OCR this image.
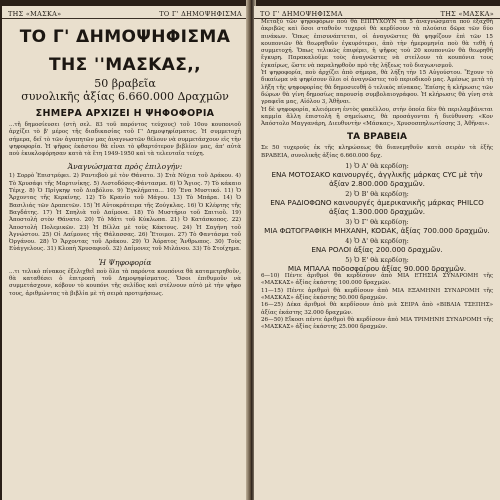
ΤΗΣ «ΜΑΣΚΑ»	ΤΟ Γ' ΔΗΜΟΨΗΦΙΣΜΑ
ΤΟ Γ' ΔΗΜΟΨΗΦΙΣΜΑ
ΤΗΣ ''ΜΑΣΚΑΣ,,
50 βραβεῖα
συνολικῆς ἀξίας 6.660.000 Δραχμῶν
ΣΗΜΕΡΑ ΑΡΧΙΖΕΙ Η ΨΗΦΟΦΟΡΙΑ

...τῆ δημοσίευσει (στὴ σελ. 83 τοῦ παρόντος τεύχους) τοῦ 10ου κουπονιοῦ ἀρχίζει τὸ β' μέρος τῆς διαδικασίας τοῦ Γ' Δημοψηφίσματος. Ἡ συμμετοχὴ σήμερα, δεῖ τὸ τῶν ἀγαπητῶν μας ἀναγνωστῶν θέλουν νὰ συμμετάσχουν εἰς τὴν ψηφοφορία. Ἡ ψῆφος ἑκάστου θὰ εἶναι τὸ φθαρτότερον βιβλίον μας, ἀπ' αὐτὰ ποὺ ἐκυκλοφόρησαν κατὰ τὰ ἔτη 1949-1950 καὶ τὰ τελευταῖα τεύχη.

Ἀναγνώσματα πρὸς ἐπιλογήν:

1) Σορρὸ Ἐπιστρέφει. 2) Ραντεβοὺ μὲ τὸν Θάνατο. 3) Στὰ Νύχια τοῦ Δράκου. 4) Τὸ Χρυσάφι τῆς Μαρτινίκης. 5) Λιστοδόσες-Φάντασμα. 6) Ὁ Ἄγιος. 7) Τὸ κάκαιο Τέριχ. 8) Ὁ Πρίγκηψ τοῦ Διαβόλου. 9) Ἐγκλήματα... 10) Ἔνα Μυστικό. 11) Ὁ Ἄρχοντας τῆς Κερκίνης. 12) Τὸ Κρανίο τοῦ Μάγου. 13) Τὸ Μπάρα. 14) Ὁ Βασιλιάς τῶν Δραπετῶν. 15) Ἡ Αὐτοκράτειρα τῆς Ζούγκλας. 16) Ὁ Κλέφτης τῆς Βαγδάτης. 17) Ἡ Σπηλιὰ τοῦ Δαίμονα. 18) Τὸ Μυστήριο τοῦ Σπιτιοῦ. 19) Ἀποστολὴ στὸν Θάνατο. 20) Τὸ Μάτι τοῦ Κύκλωπα. 21) Ὁ Κατάσκοπος. 22) Ἀποστολὴ Πολεμικῶν. 23) Ἡ Βίλλα μὲ τοὺς Κάκτους. 24) Ἡ Σαγήνη τοῦ Ἀγνώστου. 25) Οἱ Δαίμονες τῆς Θάλασσας. 26) Ἔτοιμοι. 27) Τὸ Φαντάσμα τοῦ Ὀργάνου. 28) Ὁ Ἄρχοντας τοῦ Δράκου. 29) Ὁ Ἀόρατος Ἄνθρωπος. 30) Τοὺς Εὐάγγελους. 31) Κλοπὴ Χρυσαφιοῦ. 32) Δαίμονες τοῦ Μιλάνου. 33) Τὸ Στοίχημα.

Ἡ Ψηφοφορία

...τι τελικὸ πίνακος ἐξελιχθεῖ ποὺ ὅλα τὰ παρόντα κουπόνια θὰ καταμετρηθοῦν, θὰ καταθέσει ὁ ἐπιτροπὴ τοῦ Δημοψηφίσματος. Ὅσοι ἐπιθυμοῦν νὰ συμμετάσχουν, κόβουν τὸ κουπόνι τῆς σελίδος καὶ στέλνουν αὐτὸ μὲ τὴν ψῆφο τους, ἀριθμώντας τὰ βιβλία μὲ τὴ σειρὰ προτιμήσεως.

ΤΟ Γ' ΔΗΜΟΨΗΦΙΣΜΑ	ΤΗΣ «ΜΑΣΚΑ»

Μεταξὺ τῶν ψηφοφόρων ποὺ θὰ ΕΠΙΤΥΧΟΥΝ τὰ 5 ἀναγνώσματα ποὺ ἐξαχθῆ ἀκριβῶς καὶ ὅσοι σταθοῦν τυχεροὶ θὰ κερδίσουν τὰ πλούσια δῶρα τῶν δύο πινάκων. Ὅπως ἐπισυνάπτεται, οἱ ἀναγνῶστες θὰ ψηφίζουν ἐπὶ τῶν 15 κουπονιῶν θὰ θεωρηθοῦν ἐγκυρότεροι, ἀπὸ τὴν ἡμερομηνία ποὺ θὰ τεθῆ ἡ συμμετοχή. Ὅπως τελικῶς ἐπιφέρει, ἡ ψῆφος τοὺ 20 κουπονιῶν θὰ θεωρηθῆ ἔγκυρη. Παρακαλοῦμε τοὺς ἀναγνῶστες νὰ στείλουν τὰ κουπόνια τους ἐγκαίρως, ὥστε νὰ παραληφθοῦν πρὸ τῆς λήξεως τοῦ διαγωνισμοῦ.

Ἡ ψηφοφορία, ποὺ ἀρχίζει ἀπὸ σήμερα, θὰ λήξη τὴν 15 Αὐγούστου. Ἔχουν τὸ δικαίωμα νὰ ψηφίσουν ὅλοι οἱ ἀναγνῶστες τοῦ περιοδικοῦ μας. Ἀμέσως μετὰ τὴ λῆξη τῆς ψηφοφορίας θὰ δημοσιευθῆ ὁ τελικὸς πίνακας. Ἐπίσης ἡ κλήρωσις τῶν δώρων θὰ γίνη δημοσίως παρουσίᾳ συμβολαιογράφου. Ἡ κλήρωσις θὰ γίνη στὰ γραφεῖα μας, Αἰόλου 3, Ἀθῆναι.

Ἡ δὲ ψηφοφορία, κλειόμενη ἐντὸς φακέλλου, στὴν ὁποία δὲν θὰ περιλαμβάνεται καμμία ἄλλη ἐπιστολὴ ἢ σημείωσις, θὰ προσάγονται ἡ διεύθυνση: «Κον Ἀπόστολο Μαγγανάρη, Διευθυντὴν «Μάσκας», Χρυσοσπηλιωτίσσης 3, Ἀθῆναι».

ΤΑ ΒΡΑΒΕΙΑ

Σε 50 τυχερούς ἐκ τῆς κληρώσεως θὰ διανεμηθοῦν κατὰ σειρὰν τὰ ἑξῆς ΒΡΑΒΕΙΑ, συνολικῆς ἀξίας 6.660.000 δρχ.

1) Ὁ Α' θὰ κερδίσῃ:
ΕΝΑ ΜΟΤΟΣΑΚΟ καινουργές, ἀγγλικῆς μάρκας CYC μὲ τὴν ἀξίαν 2.800.000 δραχμῶν.
2) Ὁ Β' θὰ κερδίσῃ:
ΕΝΑ ΡΑΔΙΟΦΩΝΟ καινουργές ἀμερικανικῆς μάρκας PHILCO ἀξίας 1.300.000 δραχμῶν.
3) Ὁ Γ' θὰ κερδίσῃ:
ΜΙΑ ΦΩΤΟΓΡΑΦΙΚΗ ΜΗΧΑΝΗ, KODAK, ἀξίας 700.000 δραχμῶν.
4) Ὁ Δ' θὰ κερδίσῃ:
ΕΝΑ ΡΟΛΟΙ ἀξίας 200.000 δραχμῶν.
5) Ὁ Ε' θὰ κερδίσῃ:
ΜΙΑ ΜΠΑΛΑ ποδοσφαίρου ἀξίας 90.000 δραχμῶν.

6—10) Πέντε ἀριθμοὶ θὰ κερδίσουν ἀπὸ ΜΙΑ ΕΤΗΣΙΑ ΣΥΝΔΡΟΜΗ τῆς «ΜΑΣΚΑΣ» ἀξίας ἑκάστης 100.000 δραχμῶν.

11—15) Πέντε ἀριθμοὶ θὰ κερδίσουν ἀπὸ ΜΙΑ ΕΞΑΜΗΝΗ ΣΥΝΔΡΟΜΗ τῆς «ΜΑΣΚΑΣ» ἀξίας ἑκάστης 50.000 δραχμῶν.

16—25) Δέκα ἀριθμοὶ θὰ κερδίσουν ἀπὸ μιὰ ΣΕΙΡΑ ἀπὸ «ΒΙΒΛΙΑ ΤΣΕΠΗΣ» ἀξίας ἑκάστης 32.000 δραχμῶν.

26—50) Εἴκοσι πέντε ἀριθμοὶ θὰ κερδίσουν ἀπὸ ΜΙΑ ΤΡΙΜΗΝΗ ΣΥΝΔΡΟΜΗ τῆς «ΜΑΣΚΑΣ» ἀξίας ἑκάστης 25.000 δραχμῶν.
